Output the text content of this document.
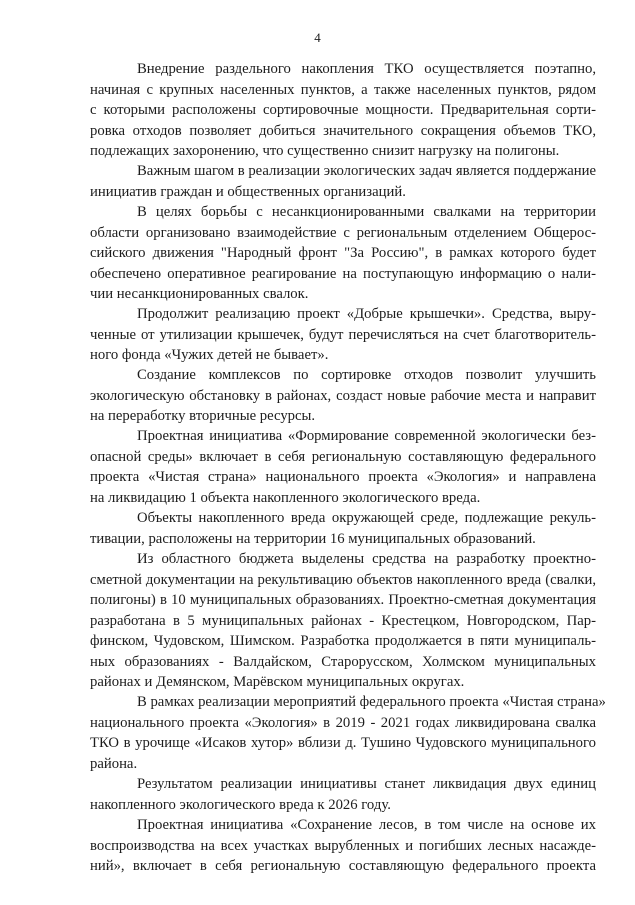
4

Внедрение раздельного накопления ТКО осуществляется поэтапно,
начиная с крупных населенных пунктов, а также населенных пунктов, рядом
с которыми расположены сортировочные мощности. Предварительная сорти-
ровка отходов позволяет добиться значительного сокращения объемов ТКО,
подлежащих захоронению, что существенно снизит нагрузку на полигоны.

Важным шагом в реализации экологических задач является поддержание
инициатив граждан и общественных организаций.

В целях борьбы с несанкционированными свалками на территории
области организовано взаимодействие с региональным отделением Общерос-
сийского движения "Народный фронт "За Россию", в рамках которого будет
обеспечено оперативное реагирование на поступающую информацию о нали-
чии несанкционированных свалок.

Продолжит реализацию проект «Добрые крышечки». Средства, выру-
ченные от утилизации крышечек, будут перечисляться на счет благотворитель-
ного фонда «Чужих детей не бывает».

Создание комплексов по сортировке отходов позволит улучшить
экологическую обстановку в районах, создаст новые рабочие места и направит
на переработку вторичные ресурсы.

Проектная инициатива «Формирование современной экологически без-
опасной среды» включает в себя региональную составляющую федерального
проекта «Чистая страна» национального проекта «Экология» и направлена
на ликвидацию 1 объекта накопленного экологического вреда.

Объекты накопленного вреда окружающей среде, подлежащие рекуль-
тивации, расположены на территории 16 муниципальных образований.

Из областного бюджета выделены средства на разработку проектно-
сметной документации на рекультивацию объектов накопленного вреда (свалки,
полигоны) в 10 муниципальных образованиях. Проектно-сметная документация
разработана в 5 муниципальных районах - Крестецком, Новгородском, Пар-
финском, Чудовском, Шимском. Разработка продолжается в пяти муниципаль-
ных образованиях - Валдайском, Старорусском, Холмском муниципальных
районах и Демянском, Марёвском муниципальных округах.

В рамках реализации мероприятий федерального проекта «Чистая страна»
национального проекта «Экология» в 2019 - 2021 годах ликвидирована свалка
ТКО в урочище «Исаков хутор» вблизи д. Тушино Чудовского муниципального
района.

Результатом реализации инициативы станет ликвидация двух единиц
накопленного экологического вреда к 2026 году.

Проектная инициатива «Сохранение лесов, в том числе на основе их
воспроизводства на всех участках вырубленных и погибших лесных насажде-
ний», включает в себя региональную составляющую федерального проекта
